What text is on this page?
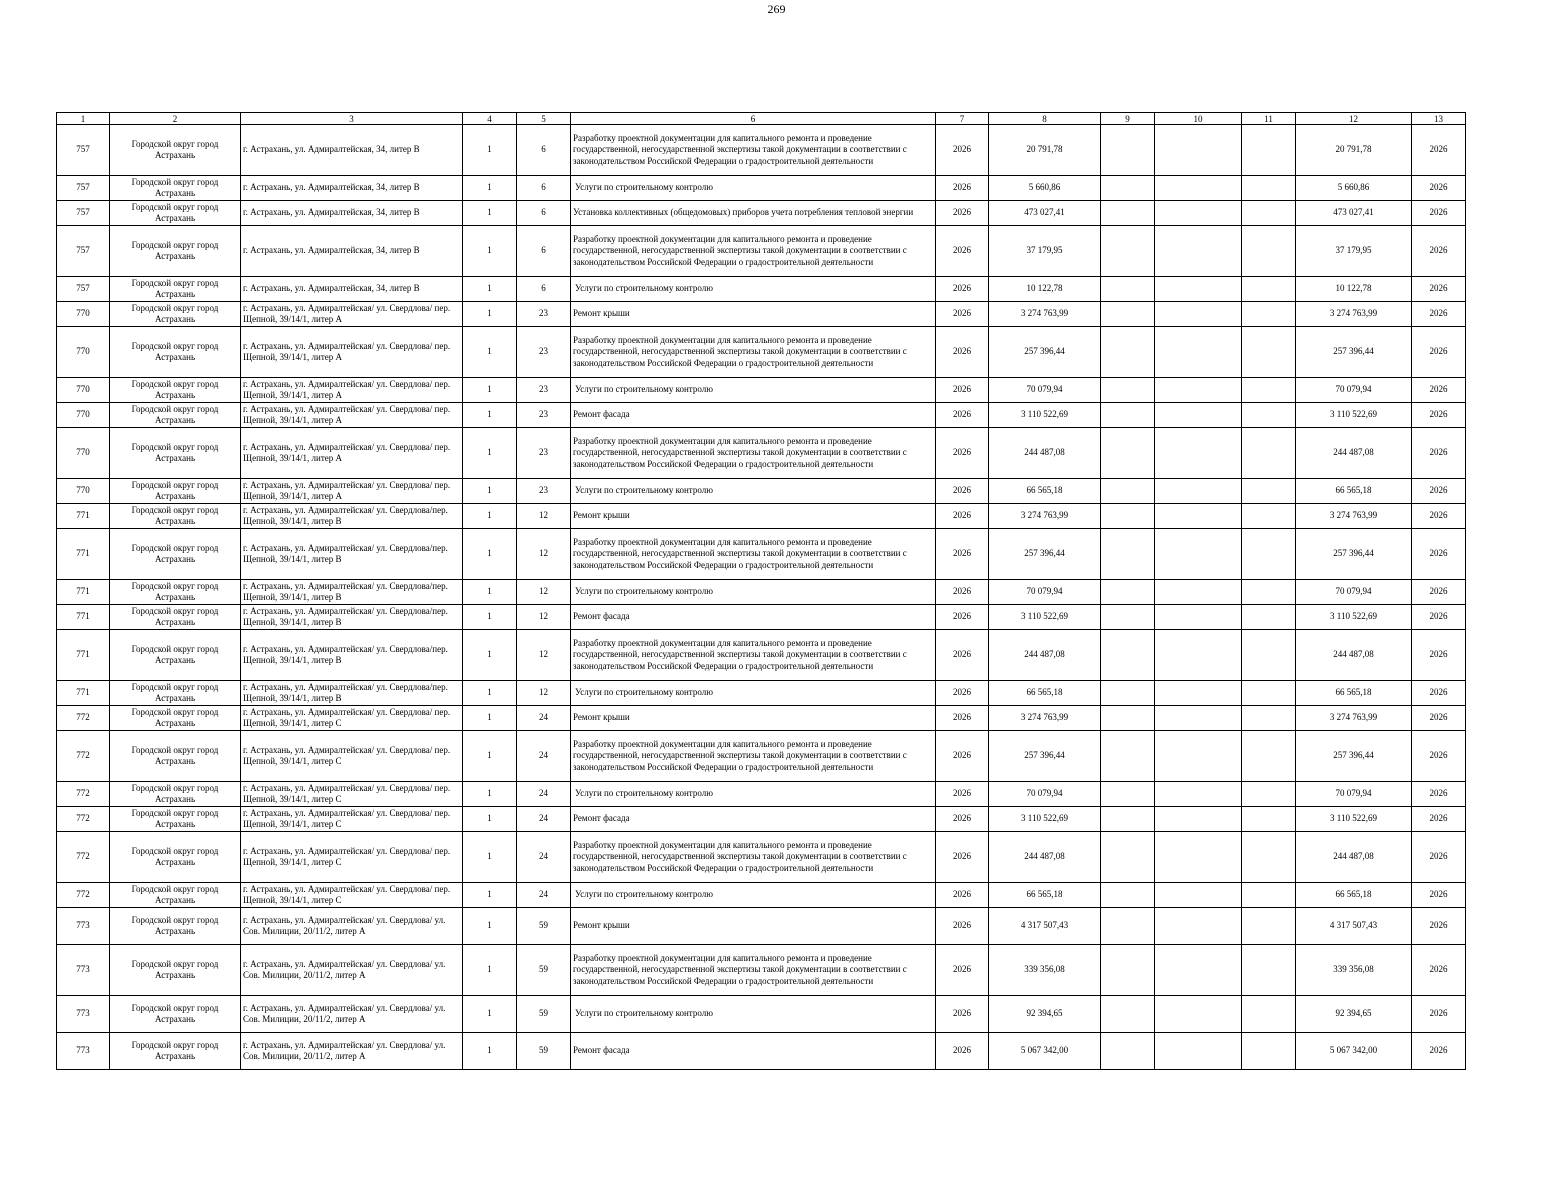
269
1	2	3	4	5	6	7	8	9	10	11	12	13
757	Городской округ город Астрахань	г. Астрахань, ул. Адмиралтейская, 34, литер В	1	6	Разработку проектной документации для капитального ремонта и проведение государственной, негосударственной экспертизы такой документации в соответствии с законодательством Российской Федерации о градостроительной деятельности	2026	20 791,78				20 791,78	2026
757	Городской округ город Астрахань	г. Астрахань, ул. Адмиралтейская, 34, литер В	1	6	Услуги по строительному контролю	2026	5 660,86				5 660,86	2026
757	Городской округ город Астрахань	г. Астрахань, ул. Адмиралтейская, 34, литер В	1	6	Установка коллективных (общедомовых) приборов учета потребления тепловой энергии	2026	473 027,41				473 027,41	2026
757	Городской округ город Астрахань	г. Астрахань, ул. Адмиралтейская, 34, литер В	1	6	Разработку проектной документации для капитального ремонта и проведение государственной, негосударственной экспертизы такой документации в соответствии с законодательством Российской Федерации о градостроительной деятельности	2026	37 179,95				37 179,95	2026
757	Городской округ город Астрахань	г. Астрахань, ул. Адмиралтейская, 34, литер В	1	6	Услуги по строительному контролю	2026	10 122,78				10 122,78	2026
770	Городской округ город Астрахань	г. Астрахань, ул. Адмиралтейская/ ул. Свердлова/ пер. Щепной, 39/14/1, литер А	1	23	Ремонт крыши	2026	3 274 763,99				3 274 763,99	2026
770	Городской округ город Астрахань	г. Астрахань, ул. Адмиралтейская/ ул. Свердлова/ пер. Щепной, 39/14/1, литер А	1	23	Разработку проектной документации для капитального ремонта и проведение государственной, негосударственной экспертизы такой документации в соответствии с законодательством Российской Федерации о градостроительной деятельности	2026	257 396,44				257 396,44	2026
770	Городской округ город Астрахань	г. Астрахань, ул. Адмиралтейская/ ул. Свердлова/ пер. Щепной, 39/14/1, литер А	1	23	Услуги по строительному контролю	2026	70 079,94				70 079,94	2026
770	Городской округ город Астрахань	г. Астрахань, ул. Адмиралтейская/ ул. Свердлова/ пер. Щепной, 39/14/1, литер А	1	23	Ремонт фасада	2026	3 110 522,69				3 110 522,69	2026
770	Городской округ город Астрахань	г. Астрахань, ул. Адмиралтейская/ ул. Свердлова/ пер. Щепной, 39/14/1, литер А	1	23	Разработку проектной документации для капитального ремонта и проведение государственной, негосударственной экспертизы такой документации в соответствии с законодательством Российской Федерации о градостроительной деятельности	2026	244 487,08				244 487,08	2026
770	Городской округ город Астрахань	г. Астрахань, ул. Адмиралтейская/ ул. Свердлова/ пер. Щепной, 39/14/1, литер А	1	23	Услуги по строительному контролю	2026	66 565,18				66 565,18	2026
771	Городской округ город Астрахань	г. Астрахань, ул. Адмиралтейская/ ул. Свердлова/пер. Щепной, 39/14/1, литер В	1	12	Ремонт крыши	2026	3 274 763,99				3 274 763,99	2026
771	Городской округ город Астрахань	г. Астрахань, ул. Адмиралтейская/ ул. Свердлова/пер. Щепной, 39/14/1, литер В	1	12	Разработку проектной документации для капитального ремонта и проведение государственной, негосударственной экспертизы такой документации в соответствии с законодательством Российской Федерации о градостроительной деятельности	2026	257 396,44				257 396,44	2026
771	Городской округ город Астрахань	г. Астрахань, ул. Адмиралтейская/ ул. Свердлова/пер. Щепной, 39/14/1, литер В	1	12	Услуги по строительному контролю	2026	70 079,94				70 079,94	2026
771	Городской округ город Астрахань	г. Астрахань, ул. Адмиралтейская/ ул. Свердлова/пер. Щепной, 39/14/1, литер В	1	12	Ремонт фасада	2026	3 110 522,69				3 110 522,69	2026
771	Городской округ город Астрахань	г. Астрахань, ул. Адмиралтейская/ ул. Свердлова/пер. Щепной, 39/14/1, литер В	1	12	Разработку проектной документации для капитального ремонта и проведение государственной, негосударственной экспертизы такой документации в соответствии с законодательством Российской Федерации о градостроительной деятельности	2026	244 487,08				244 487,08	2026
771	Городской округ город Астрахань	г. Астрахань, ул. Адмиралтейская/ ул. Свердлова/пер. Щепной, 39/14/1, литер В	1	12	Услуги по строительному контролю	2026	66 565,18				66 565,18	2026
772	Городской округ город Астрахань	г. Астрахань, ул. Адмиралтейская/ ул. Свердлова/ пер. Щепной, 39/14/1, литер С	1	24	Ремонт крыши	2026	3 274 763,99				3 274 763,99	2026
772	Городской округ город Астрахань	г. Астрахань, ул. Адмиралтейская/ ул. Свердлова/ пер. Щепной, 39/14/1, литер С	1	24	Разработку проектной документации для капитального ремонта и проведение государственной, негосударственной экспертизы такой документации в соответствии с законодательством Российской Федерации о градостроительной деятельности	2026	257 396,44				257 396,44	2026
772	Городской округ город Астрахань	г. Астрахань, ул. Адмиралтейская/ ул. Свердлова/ пер. Щепной, 39/14/1, литер С	1	24	Услуги по строительному контролю	2026	70 079,94				70 079,94	2026
772	Городской округ город Астрахань	г. Астрахань, ул. Адмиралтейская/ ул. Свердлова/ пер. Щепной, 39/14/1, литер С	1	24	Ремонт фасада	2026	3 110 522,69				3 110 522,69	2026
772	Городской округ город Астрахань	г. Астрахань, ул. Адмиралтейская/ ул. Свердлова/ пер. Щепной, 39/14/1, литер С	1	24	Разработку проектной документации для капитального ремонта и проведение государственной, негосударственной экспертизы такой документации в соответствии с законодательством Российской Федерации о градостроительной деятельности	2026	244 487,08				244 487,08	2026
772	Городской округ город Астрахань	г. Астрахань, ул. Адмиралтейская/ ул. Свердлова/ пер. Щепной, 39/14/1, литер С	1	24	Услуги по строительному контролю	2026	66 565,18				66 565,18	2026
773	Городской округ город Астрахань	г. Астрахань, ул. Адмиралтейская/ ул. Свердлова/ ул. Сов. Милиции, 20/11/2, литер А	1	59	Ремонт крыши	2026	4 317 507,43				4 317 507,43	2026
773	Городской округ город Астрахань	г. Астрахань, ул. Адмиралтейская/ ул. Свердлова/ ул. Сов. Милиции, 20/11/2, литер А	1	59	Разработку проектной документации для капитального ремонта и проведение государственной, негосударственной экспертизы такой документации в соответствии с законодательством Российской Федерации о градостроительной деятельности	2026	339 356,08				339 356,08	2026
773	Городской округ город Астрахань	г. Астрахань, ул. Адмиралтейская/ ул. Свердлова/ ул. Сов. Милиции, 20/11/2, литер А	1	59	Услуги по строительному контролю	2026	92 394,65				92 394,65	2026
773	Городской округ город Астрахань	г. Астрахань, ул. Адмиралтейская/ ул. Свердлова/ ул. Сов. Милиции, 20/11/2, литер А	1	59	Ремонт фасада	2026	5 067 342,00				5 067 342,00	2026
